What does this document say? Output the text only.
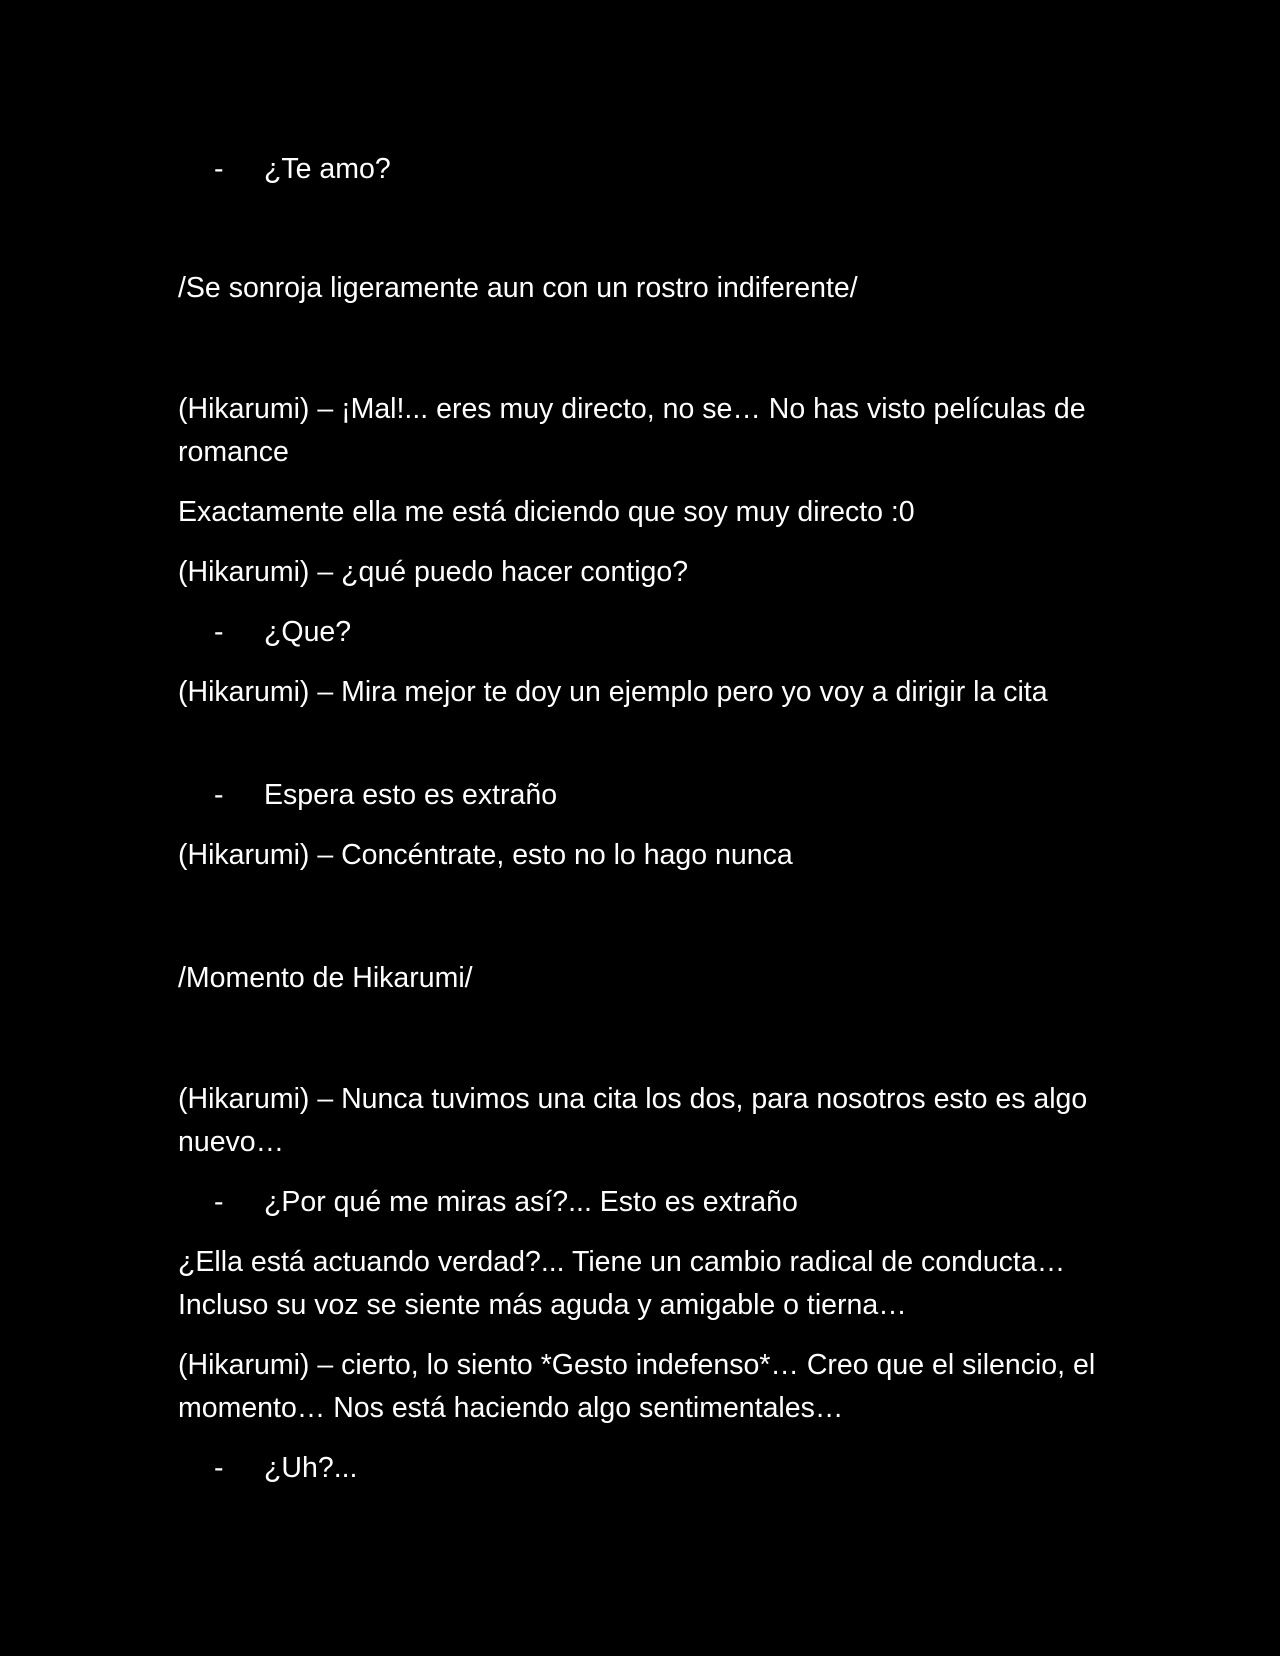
- ¿Te amo?
/Se sonroja ligeramente aun con un rostro indiferente/
(Hikarumi) – ¡Mal!... eres muy directo, no se… No has visto películas de romance
Exactamente ella me está diciendo que soy muy directo :0
(Hikarumi) – ¿qué puedo hacer contigo?
- ¿Que?
(Hikarumi) – Mira mejor te doy un ejemplo pero yo voy a dirigir la cita
- Espera esto es extraño
(Hikarumi) – Concéntrate, esto no lo hago nunca
/Momento de Hikarumi/
(Hikarumi) – Nunca tuvimos una cita los dos, para nosotros esto es algo nuevo…
- ¿Por qué me miras así?... Esto es extraño
¿Ella está actuando verdad?... Tiene un cambio radical de conducta…Incluso su voz se siente más aguda y amigable o tierna…
(Hikarumi) – cierto, lo siento *Gesto indefenso*… Creo que el silencio, el momento… Nos está haciendo algo sentimentales…
- ¿Uh?...
